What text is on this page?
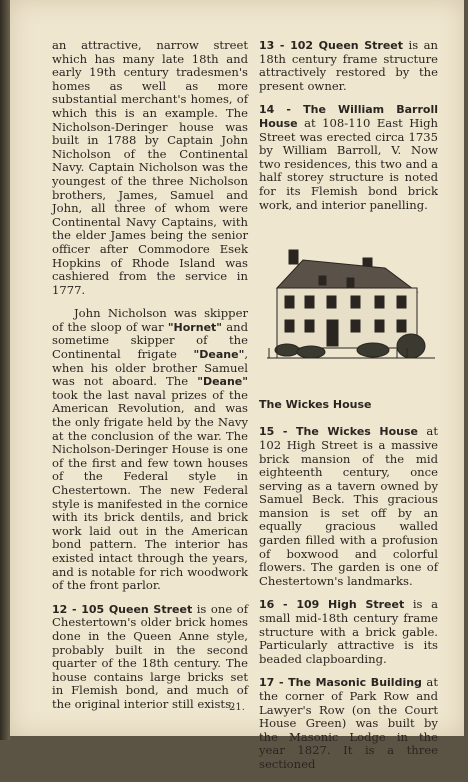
an attractive, narrow street which has many late 18th and early 19th century tradesmen's homes as well as more substantial merchant's homes, of which this is an example. The Nicholson-Deringer house was built in 1788 by Captain John Nicholson of the Continental Navy. Captain Nicholson was the youngest of the three Nicholson brothers, James, Samuel and John, all three of whom were Continental Navy Captains, with the elder James being the senior officer after Commodore Esek Hopkins of Rhode Island was cashiered from the service in 1777.

John Nicholson was skipper of the sloop of war "Hornet" and sometime skipper of the Continental frigate "Deane", when his older brother Samuel was not aboard. The "Deane" took the last naval prizes of the American Revolution, and was the only frigate held by the Navy at the conclusion of the war. The Nicholson-Deringer House is one of the first and few town houses of the Federal style in Chestertown. The new Federal style is manifested in the cornice with its brick dentils, and brick work laid out in the American bond pattern. The interior has existed intact through the years, and is notable for rich woodwork of the front parlor.

12 - 105 Queen Street is one of Chestertown's older brick homes done in the Queen Anne style, probably built in the second quarter of the 18th century. The house contains large bricks set in Flemish bond, and much of the original interior still exists.

13 - 102 Queen Street is an 18th century frame structure attractively restored by the present owner.

14 - The William Barroll House at 108-110 East High Street was erected circa 1735 by William Barroll, V. Now two residences, this two and a half storey structure is noted for its Flemish bond brick work, and interior panelling.

The Wickes House

15 - The Wickes House at 102 High Street is a massive brick mansion of the mid eighteenth century, once serving as a tavern owned by Samuel Beck. This gracious mansion is set off by an equally gracious walled garden filled with a profusion of boxwood and colorful flowers. The garden is one of Chestertown's landmarks.

16 - 109 High Street is a small mid-18th century frame structure with a brick gable. Particularly attractive is its beaded clapboarding.

17 - The Masonic Building at the corner of Park Row and Lawyer's Row (on the Court House Green) was built by the Masonic Lodge in the year 1827. It is a three sectioned

21.
